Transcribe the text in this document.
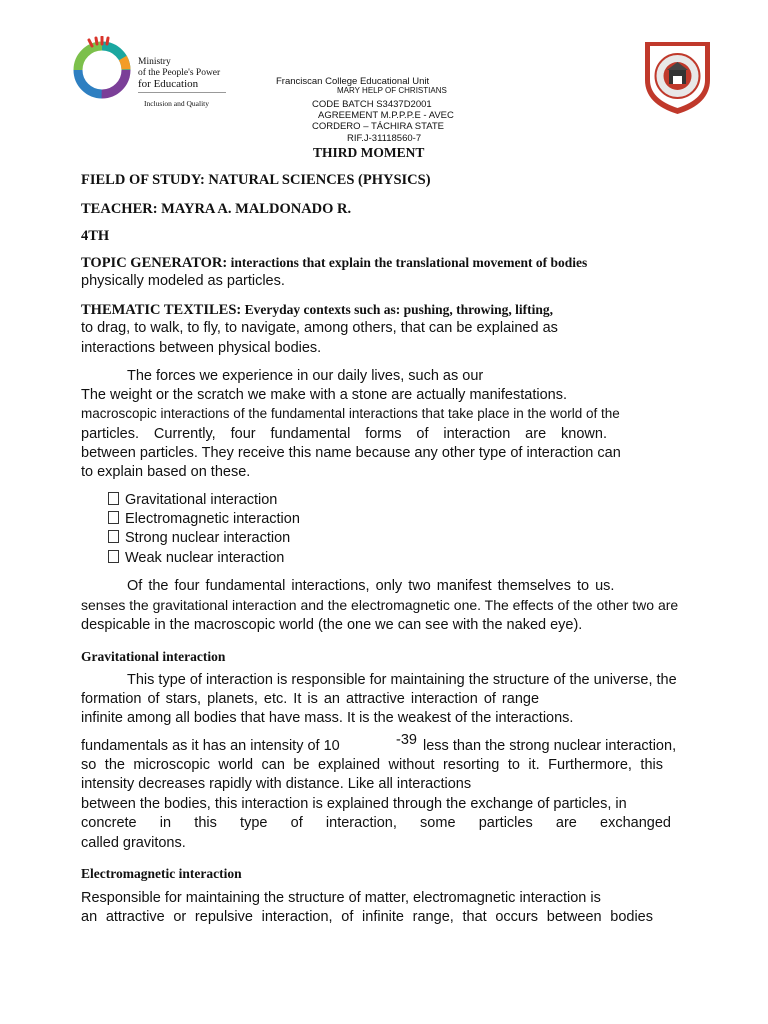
Ministry
of the People's Power
for Education
Inclusion and Quality
Franciscan College Educational Unit
MARY HELP OF CHRISTIANS
CODE BATCH S3437D2001
AGREEMENT M.P.P.P.E - AVEC
CORDERO – TÁCHIRA STATE
RIF.J-31118560-7
THIRD MOMENT
FIELD OF STUDY: NATURAL SCIENCES (PHYSICS)
TEACHER: MAYRA A. MALDONADO R.
4TH
TOPIC GENERATOR: interactions that explain the translational movement of bodies
physically modeled as particles.
THEMATIC TEXTILES: Everyday contexts such as: pushing, throwing, lifting,
to drag, to walk, to fly, to navigate, among others, that can be explained as
interactions between physical bodies.
The forces we experience in our daily lives, such as our
The weight or the scratch we make with a stone are actually manifestations.
macroscopic interactions of the fundamental interactions that take place in the world of the
particles. Currently, four fundamental forms of interaction are known.
between particles. They receive this name because any other type of interaction can
to explain based on these.
Gravitational interaction
Electromagnetic interaction
Strong nuclear interaction
Weak nuclear interaction
Of the four fundamental interactions, only two manifest themselves to us.
senses the gravitational interaction and the electromagnetic one. The effects of the other two are
despicable in the macroscopic world (the one we can see with the naked eye).
Gravitational interaction
This type of interaction is responsible for maintaining the structure of the universe, the
formation of stars, planets, etc. It is an attractive interaction of range
infinite among all bodies that have mass. It is the weakest of the interactions.
fundamentals as it has an intensity of 10	-39 less than the strong nuclear interaction,
so the microscopic world can be explained without resorting to it. Furthermore, this
intensity decreases rapidly with distance. Like all interactions
between the bodies, this interaction is explained through the exchange of particles, in
concrete in this type of interaction, some particles are exchanged
called gravitons.
Electromagnetic interaction
Responsible for maintaining the structure of matter, electromagnetic interaction is
an attractive or repulsive interaction, of infinite range, that occurs between bodies
